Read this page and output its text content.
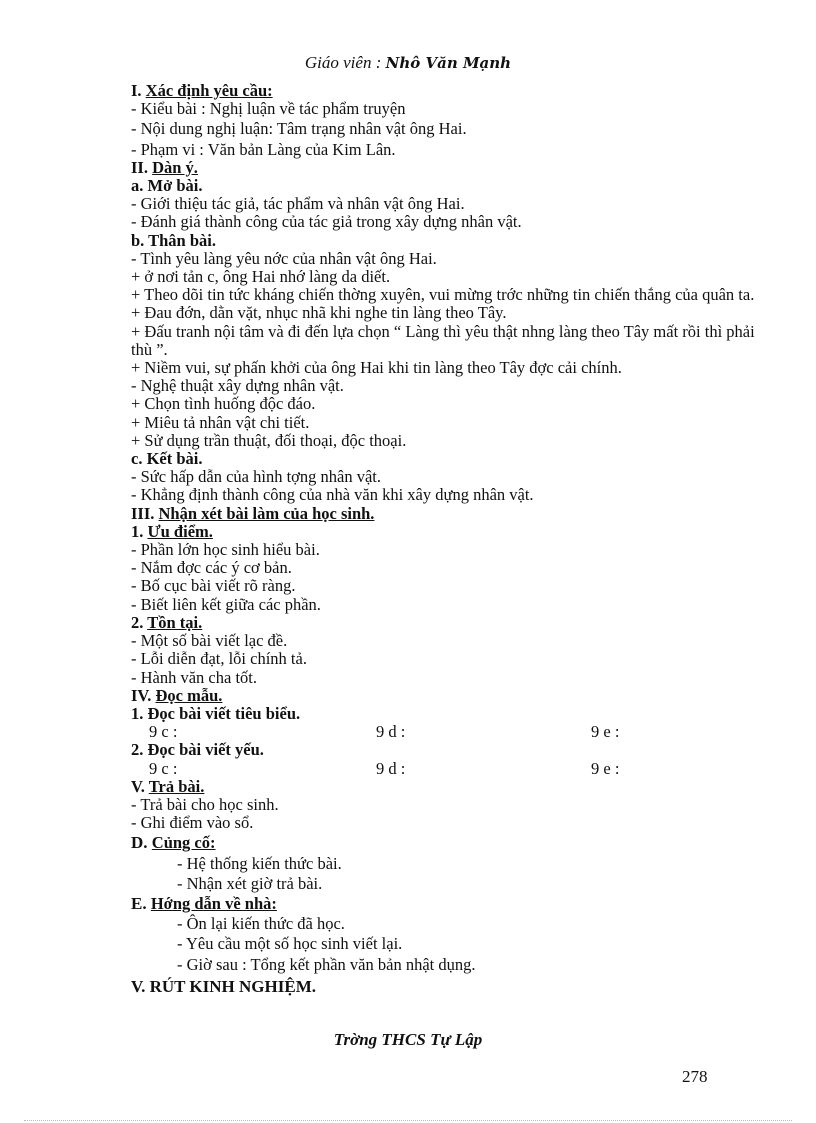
Giáo viên : Nhô Văn Mạnh
I. Xác định yêu cầu:
- Kiểu bài : Nghị luận về tác phẩm truyện
- Nội dung nghị luận: Tâm trạng nhân vật ông Hai.
- Phạm vi : Văn bản Làng của Kim Lân.
II. Dàn ý.
a. Mở bài.
- Giới thiệu tác giả, tác phẩm và nhân vật ông Hai.
- Đánh giá thành công của tác giả trong xây dựng nhân vật.
b. Thân bài.
- Tình yêu làng yêu nớc của nhân vật ông Hai.
+ ở nơi tản c, ông Hai nhớ làng da diết.
+ Theo dõi tin tức kháng chiến thờng xuyên, vui mừng trớc những tin chiến thắng của quân ta.
+ Đau đớn, dằn vặt, nhục nhã khi nghe tin làng theo Tây.
+ Đấu tranh nội tâm và đi đến lựa chọn “ Làng thì yêu thật nhng làng theo Tây mất rồi thì phải thù ”.
+ Niềm vui, sự phấn khởi của ông Hai khi tin làng theo Tây đợc cải chính.
- Nghệ thuật xây dựng nhân vật.
+ Chọn tình huống độc đáo.
+ Miêu tả nhân vật chi tiết.
+ Sử dụng trần thuật, đối thoại, độc thoại.
c. Kết bài.
- Sức hấp dẫn của hình tợng nhân vật.
- Khẳng định thành công của nhà văn khi xây dựng nhân vật.
III. Nhận xét bài làm của học sinh.
1. Ưu điểm.
- Phần lớn học sinh hiểu bài.
- Nắm đợc các ý cơ bản.
- Bố cục bài viết rõ ràng.
- Biết liên kết giữa các phần.
2. Tồn tại.
- Một số bài viết lạc đề.
- Lỗi diễn đạt, lỗi chính tả.
- Hành văn cha tốt.
IV. Đọc mẫu.
1. Đọc bài viết tiêu biểu.
9 c :	9 d :	9 e :
2. Đọc bài viết yếu.
9 c :	9 d :	9 e :
V. Trả bài.
- Trả bài cho học sinh.
- Ghi điểm vào sổ.
D. Củng cố:
- Hệ thống kiến thức bài.
- Nhận xét giờ trả bài.
E. Hớng dẫn về nhà:
- Ôn lại kiến thức đã học.
- Yêu cầu một số học sinh viết lại.
- Giờ sau : Tổng kết phần văn bản nhật dụng.
V. RÚT KINH NGHIỆM.
Trờng THCS Tự Lập
278
